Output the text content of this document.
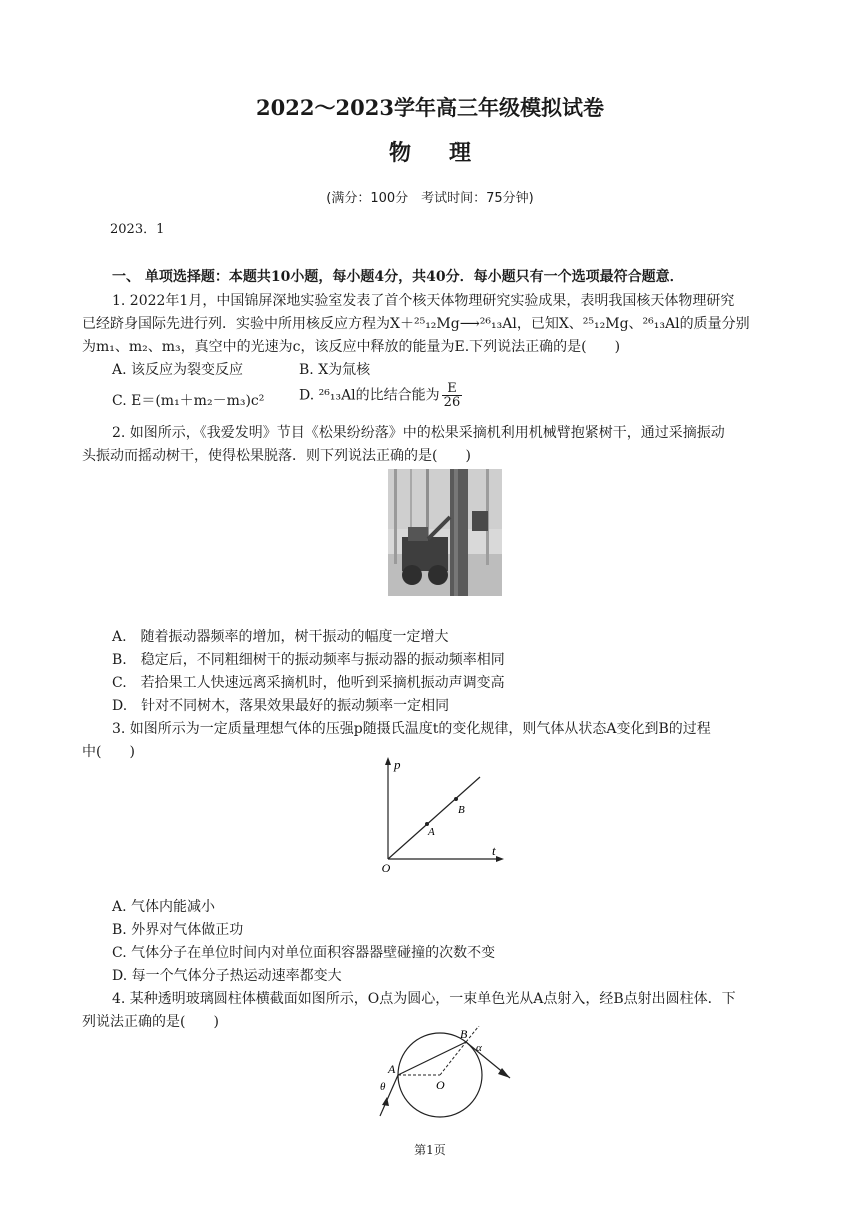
2022～2023学年高三年级模拟试卷
物理
(满分：100分　考试时间：75分钟)
2023．1
一、 单项选择题：本题共10小题，每小题4分，共40分．每小题只有一个选项最符合题意．
1. 2022年1月，中国锦屏深地实验室发表了首个核天体物理研究实验成果，表明我国核天体物理研究
已经跻身国际先进行列．实验中所用核反应方程为X＋²⁵₁₂Mg⟶²⁶₁₃Al，已知X、²⁵₁₂Mg、²⁶₁₃Al的质量分别
为m₁、m₂、m₃，真空中的光速为c，该反应中释放的能量为E.下列说法正确的是(　　)
A. 该反应为裂变反应	B. X为氚核
C. E＝(m₁＋m₂－m₃)c² D. ²⁶₁₃Al的比结合能为 $\frac{E}{26}$
2. 如图所示，《我爱发明》节目《松果纷纷落》中的松果采摘机利用机械臂抱紧树干，通过采摘振动
头振动而摇动树干，使得松果脱落．则下列说法正确的是(　　)
A.　随着振动器频率的增加，树干振动的幅度一定增大
B.　稳定后，不同粗细树干的振动频率与振动器的振动频率相同
C.　若拾果工人快速远离采摘机时，他听到采摘机振动声调变高
D.　针对不同树木，落果效果最好的振动频率一定相同
3. 如图所示为一定质量理想气体的压强p随摄氏温度t的变化规律，则气体从状态A变化到B的过程
中(　　)
p
t
O
A
B
A. 气体内能减小
B. 外界对气体做正功
C. 气体分子在单位时间内对单位面积容器器壁碰撞的次数不变
D. 每一个气体分子热运动速率都变大
4. 某种透明玻璃圆柱体横截面如图所示，O点为圆心，一束单色光从A点射入，经B点射出圆柱体．下
列说法正确的是(　　)
A
B
O
θ
α
第1页
